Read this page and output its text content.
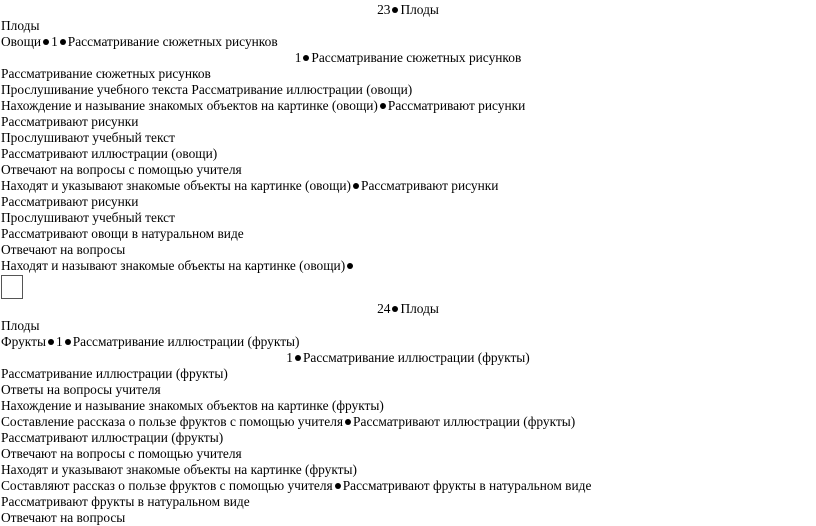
23 Плоды
Плоды
Овощи 1 Рассматривание сюжетных рисунков
1 Рассматривание сюжетных рисунков
Рассматривание сюжетных рисунков
Прослушивание учебного текста Рассматривание иллюстрации (овощи)
Нахождение и называние знакомых объектов на картинке (овощи) Рассматривают рисунки
Рассматривают рисунки
Прослушивают учебный текст
Рассматривают иллюстрации (овощи)
Отвечают на вопросы с помощью учителя
Находят и указывают знакомые объекты на картинке (овощи) Рассматривают рисунки
Рассматривают рисунки
Прослушивают учебный текст
Рассматривают овощи в натуральном виде
Отвечают на вопросы
Находят и называют знакомые объекты на картинке (овощи)
24 Плоды
Плоды
Фрукты 1 Рассматривание иллюстрации (фрукты)
1 Рассматривание иллюстрации (фрукты)
Рассматривание иллюстрации (фрукты)
Ответы на вопросы учителя
Нахождение и называние знакомых объектов на картинке (фрукты)
Составление рассказа о пользе фруктов с помощью учителя Рассматривают иллюстрации (фрукты)
Рассматривают иллюстрации (фрукты)
Отвечают на вопросы с помощью учителя
Находят и указывают знакомые объекты на картинке (фрукты)
Составляют рассказ о пользе фруктов с помощью учителя Рассматривают фрукты в натуральном виде
Рассматривают фрукты в натуральном виде
Отвечают на вопросы
